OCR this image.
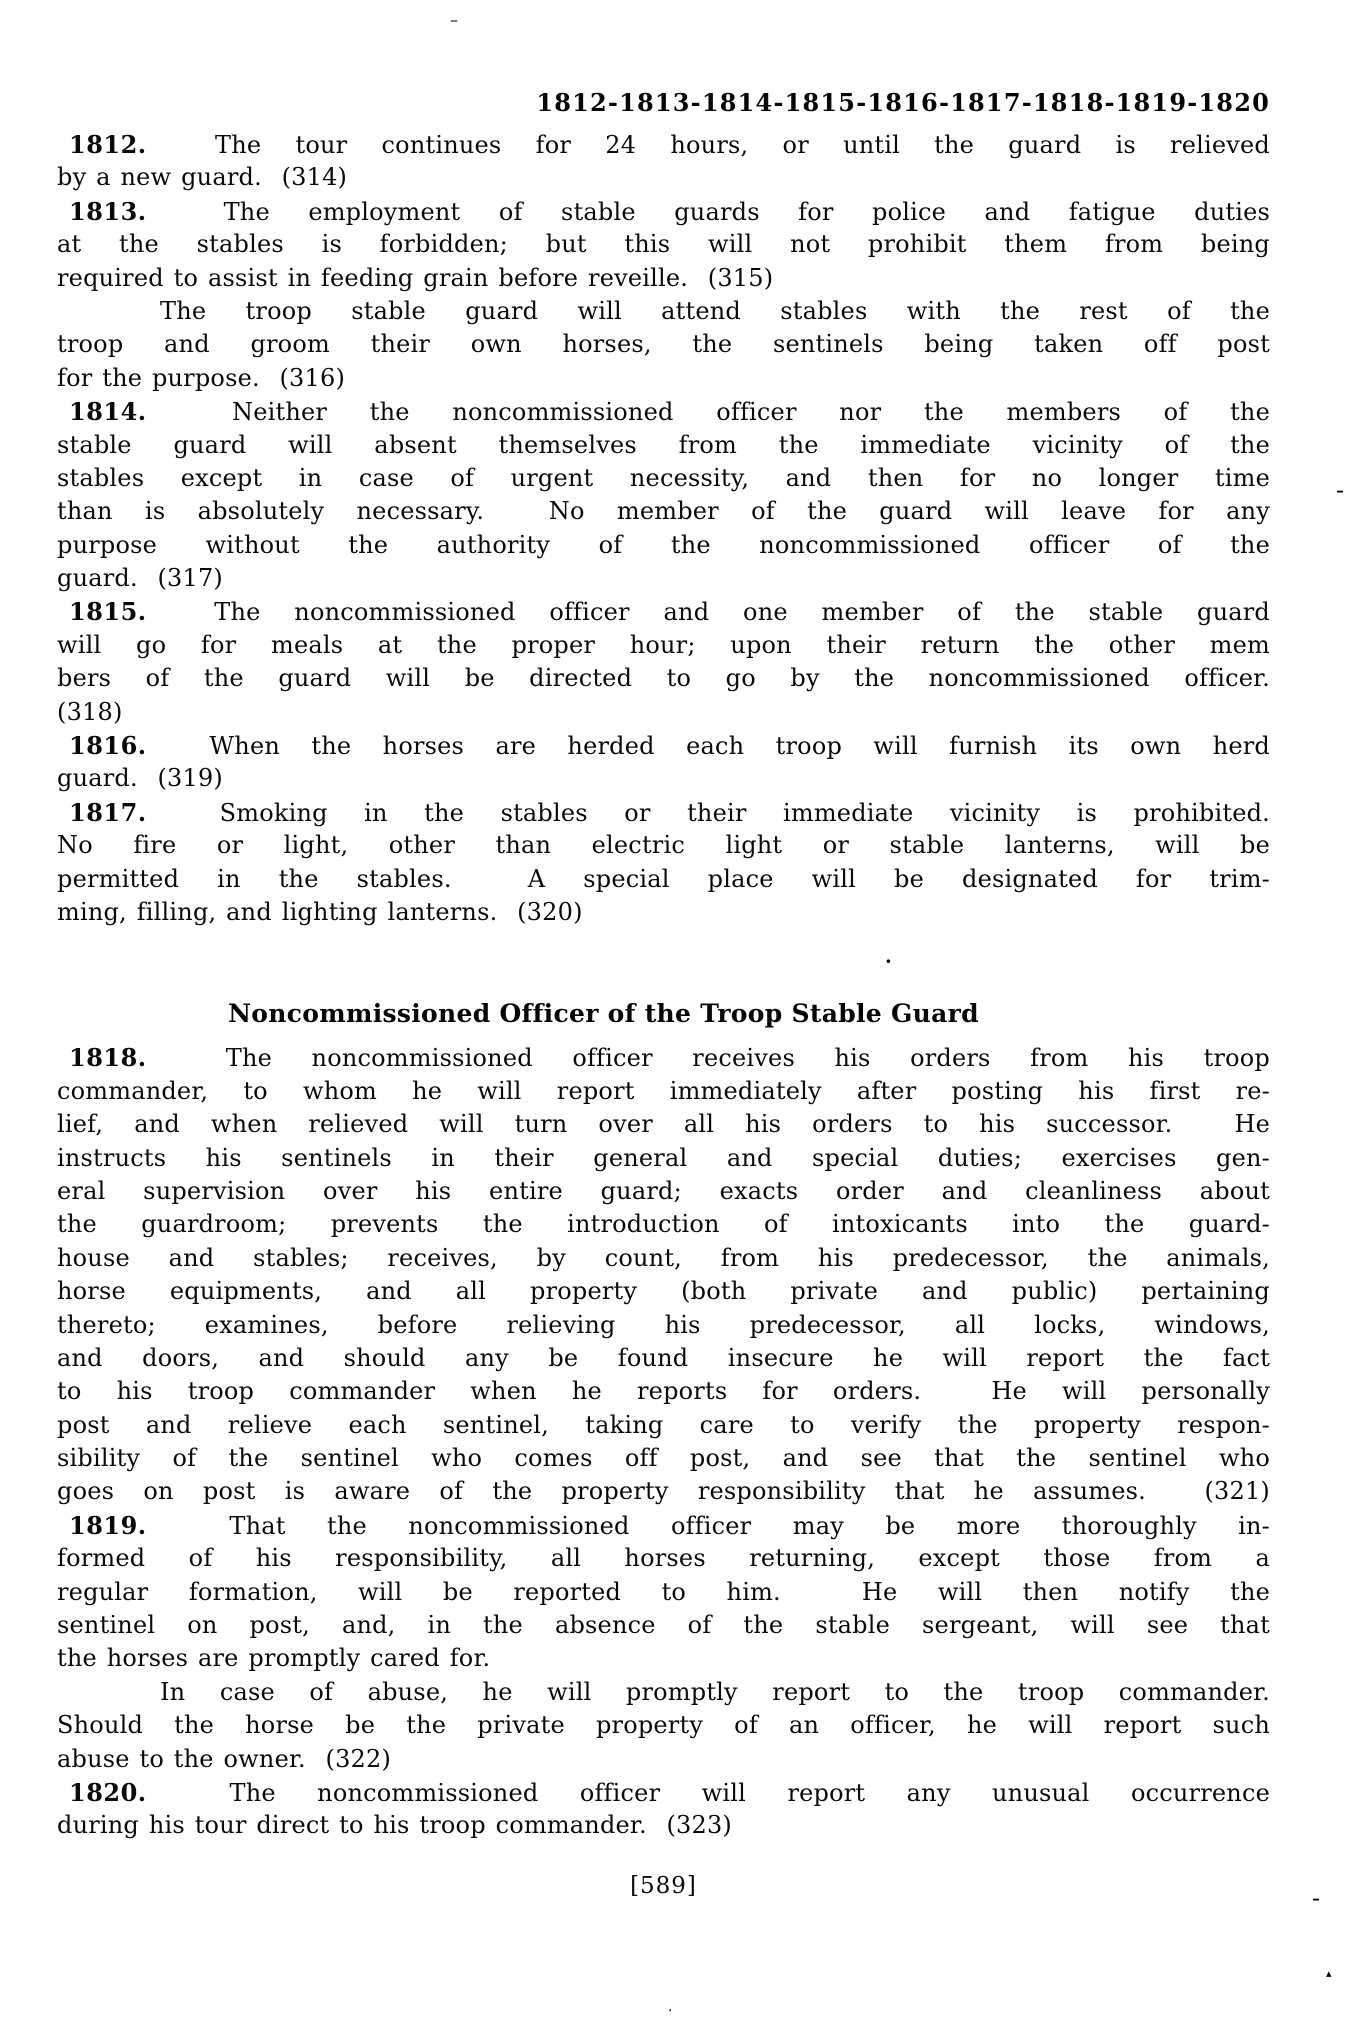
1812-1813-1814-1815-1816-1817-1818-1819-1820
1812.  The tour continues for 24 hours, or until the guard is relieved
by a new guard.  (314)
1813.  The employment of stable guards for police and fatigue duties
at the stables is forbidden; but this will not prohibit them from being
required to assist in feeding grain before reveille.  (315)
The troop stable guard will attend stables with the rest of the
troop and groom their own horses, the sentinels being taken off post
for the purpose.  (316)
1814.  Neither the noncommissioned officer nor the members of the
stable guard will absent themselves from the immediate vicinity of the
stables except in case of urgent necessity, and then for no longer time
than is absolutely necessary.  No member of the guard will leave for any
purpose without the authority of the noncommissioned officer of the
guard.  (317)
1815.  The noncommissioned officer and one member of the stable guard
will go for meals at the proper hour; upon their return the other mem
bers of the guard will be directed to go by the noncommissioned officer.
(318)
1816.  When the horses are herded each troop will furnish its own herd
guard.  (319)
1817.  Smoking in the stables or their immediate vicinity is prohibited.
No fire or light, other than electric light or stable lanterns, will be
permitted in the stables.  A special place will be designated for trim-
ming, filling, and lighting lanterns.  (320)
Noncommissioned Officer of the Troop Stable Guard
1818.  The noncommissioned officer receives his orders from his troop
commander, to whom he will report immediately after posting his first re-
lief, and when relieved will turn over all his orders to his successor.  He
instructs his sentinels in their general and special duties; exercises gen-
eral supervision over his entire guard; exacts order and cleanliness about
the guardroom; prevents the introduction of intoxicants into the guard-
house and stables; receives, by count, from his predecessor, the animals,
horse equipments, and all property (both private and public) pertaining
thereto; examines, before relieving his predecessor, all locks, windows,
and doors, and should any be found insecure he will report the fact
to his troop commander when he reports for orders.  He will personally
post and relieve each sentinel, taking care to verify the property respon-
sibility of the sentinel who comes off post, and see that the sentinel who
goes on post is aware of the property responsibility that he assumes.  (321)
1819.  That the noncommissioned officer may be more thoroughly in-
formed of his responsibility, all horses returning, except those from a
regular formation, will be reported to him.  He will then notify the
sentinel on post, and, in the absence of the stable sergeant, will see that
the horses are promptly cared for.
In case of abuse, he will promptly report to the troop commander.
Should the horse be the private property of an officer, he will report such
abuse to the owner.  (322)
1820.  The noncommissioned officer will report any unusual occurrence
during his tour direct to his troop commander.  (323)
[589]
–
-
·
-
▴
.
